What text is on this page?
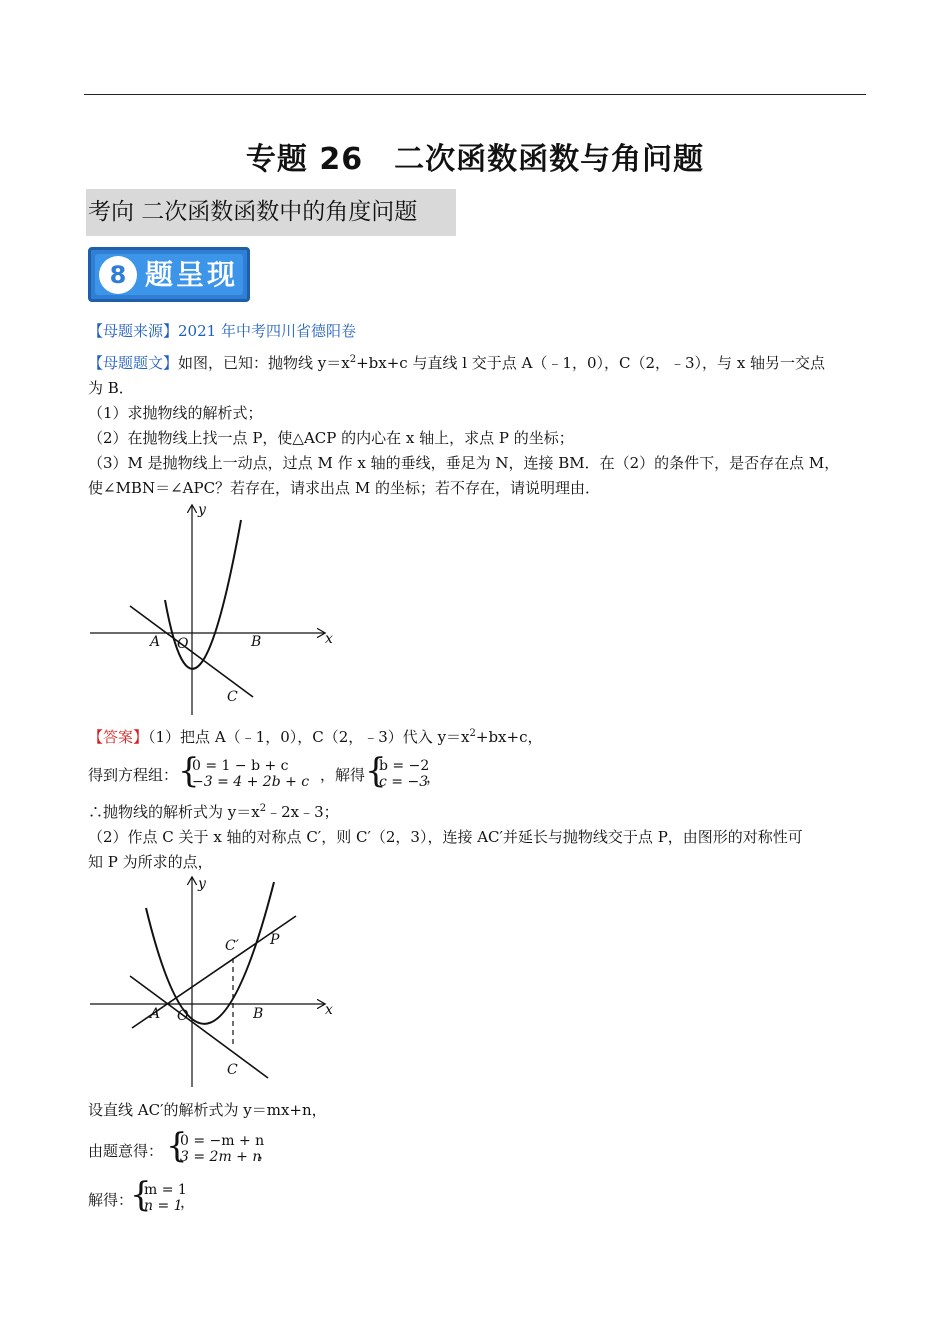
专题 26　二次函数函数与角问题
考向 二次函数函数中的角度问题
8 题呈现
【母题来源】2021 年中考四川省德阳卷
【母题题文】如图，已知：抛物线 $y=x^2+bx+c$ 与直线 l 交于点 A（﹣1，0），C（2，﹣3），与 x 轴另一交点
为 B．
（1）求抛物线的解析式；
（2）在抛物线上找一点 P，使△ACP 的内心在 x 轴上，求点 P 的坐标；
（3）M 是抛物线上一动点，过点 M 作 x 轴的垂线，垂足为 N，连接 BM．在（2）的条件下，是否存在点 M，
使∠MBN＝∠APC？若存在，请求出点 M 的坐标；若不存在，请说明理由．
y
x
A O	B
C
【答案】（1）把点 A（﹣1，0），C（2，﹣3）代入 $y=x^2+bx+c$，
得到方程组： {
0 = 1 − b + c
−3 = 4 + 2b + c ，解得 {
b = −2
c = −3
，
∴抛物线的解析式为 $y=x^2﹣2x﹣3$；
（2）作点 C 关于 x 轴的对称点 C′，则 C′（2，3），连接 AC′并延长与抛物线交于点 P，由图形的对称性可
知 P 为所求的点，
y
x
A O	B
C
C′ P
设直线 AC′的解析式为 y＝mx+n，
由题意得： {
0 = −m + n
3 = 2m + n
，
解得：
{
m = 1
n = 1
，
